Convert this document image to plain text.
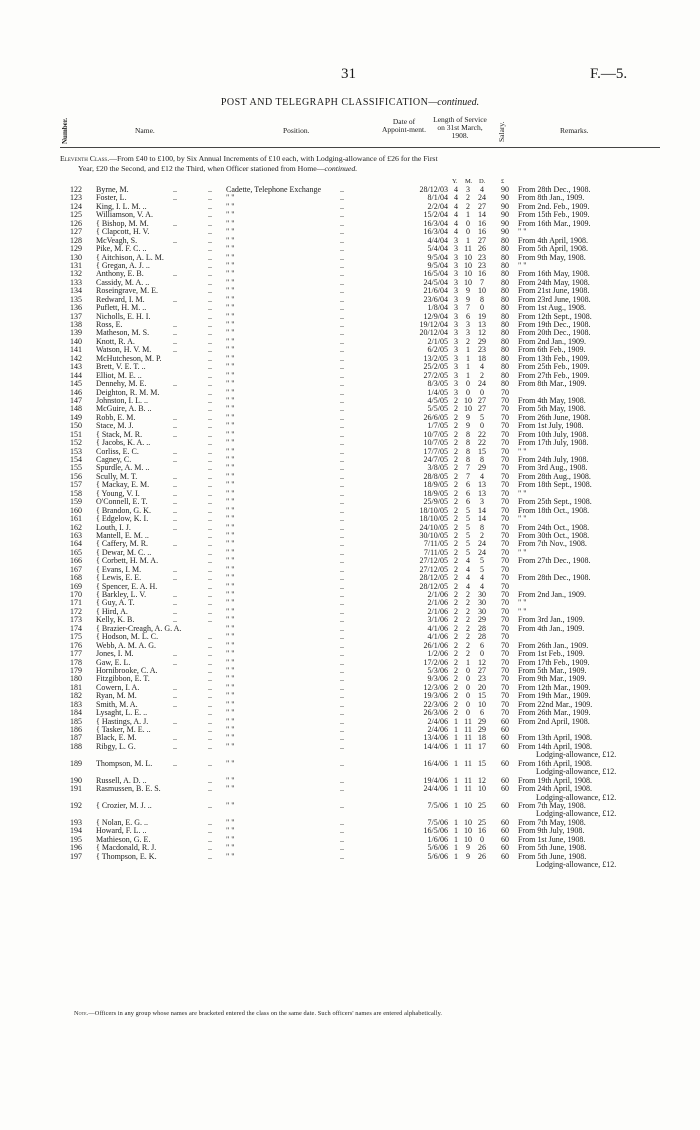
31	F.—5.
POST AND TELEGRAPH CLASSIFICATION—continued.
Number.	Name.	Position.
Date of Appoint-ment.
Length of Service on 31st March, 1908.	Salary.	Remarks.
Eleventh Class.—From £40 to £100, by Six Annual Increments of £10 each, with Lodging-allowance of £26 for the First
Year, £20 the Second, and £12 the Third, when Officer stationed from Home—continued.
Y. M. D. £
122 Byrne, M.	..	.. Cadette, Telephone Exchange ..	28/12/03 4	3	4	90 From 28th Dec., 1908.
123 Foster, L.	..	.. " "	..	8/1/04 4	2	24 90 From 8th Jan., 1909.
124 King, I. L. M. ..	.. " "	..	2/2/04 4	2	27 90 From 2nd. Feb., 1909.
125 Williamson, V. A.	.. " "	..	15/2/04 4	1	14 90 From 15th Feb., 1909.
126 { Bishop, M. M.	..	.. " "	..	16/3/04 4	0	16 90 From 16th Mar., 1909.
127 { Clapcott, H. V.	.. " "	..	16/3/04 4	0	16 90 " "
128 McVeagh, S.	..	.. " "	..	4/4/04 3	1	27 80 From 4th April, 1908.
129 Pike, M. F. C. ..	.. " "	..	5/4/04 3 11 26 80 From 5th April, 1908.
130 { Aitchison, A. L. M.	.. " "	..	9/5/04 3 10 23 80 From 9th May, 1908.
131 { Gregan, A. J. ..	.. " "	..	9/5/04 3 10 23 80 " "
132 Anthony, E. B.	..	.. " "	..	16/5/04 3 10 16 80 From 16th May, 1908.
133 Cassidy, M. A. ..	.. " "	..	24/5/04 3 10	7	80 From 24th May, 1908.
134 Roseingrave, M. E.	.. " "	..	21/6/04 3	9	10 80 From 21st June, 1908.
135 Redward, I. M.	..	.. " "	..	23/6/04 3	9	8	80 From 23rd June, 1908.
136 Puflett, H. M. ..	.. " "	..	1/8/04 3	7	0	80 From 1st Aug., 1908.
137 Nicholls, E. H. I.	.. " "	..	12/9/04 3	6	19 80 From 12th Sept., 1908.
138 Ross, E.	..	.. " "	..	19/12/04 3	3	13 80 From 19th Dec., 1908.
139 Matheson, M. S.	..	.. " "	..	20/12/04 3	3	12 80 From 20th Dec., 1908.
140 Knott, R. A.	..	.. " "	..	2/1/05 3	2	29 80 From 2nd Jan., 1909.
141 Watson, H. V. M.	..	.. " "	..	6/2/05 3	1	23 80 From 6th Feb., 1909.
142 McHutcheson, M. P.	.. " "	..	13/2/05 3	1	18 80 From 13th Feb., 1909.
143 Brett, V. E. T. ..	.. " "	..	25/2/05 3	1	4	80 From 25th Feb., 1909.
144 Elliot, M. E. ..	.. " "	..	27/2/05 3	1	2	80 From 27th Feb., 1909.
145 Dennehy, M. E.	..	.. " "	..	8/3/05 3	0	24 80 From 8th Mar., 1909.
146 Deighton, R. M. M.	.. " "	..	1/4/05 3	0	0	70
147 Johnston, I. L. ..	.. " "	..	4/5/05 2 10 27 70 From 4th May, 1908.
148 McGuire, A. B. ..	.. " "	..	5/5/05 2 10 27 70 From 5th May, 1908.
149 Robb, E. M.	..	.. " "	..	26/6/05 2	9	5	70 From 26th June, 1908.
150 Stace, M. J.	..	.. " "	..	1/7/05 2	9	0	70 From 1st July, 1908.
151 { Stack, M. R.	..	.. " "	..	10/7/05 2	8	22 70 From 10th July, 1908.
152 { Jacobs, K. A. ..	.. " "	..	10/7/05 2	8	22 70 From 17th July, 1908.
153 Corliss, E. C.	..	.. " "	..	17/7/05 2	8	15 70 " "
154 Cagney, C.	..	.. " "	..	24/7/05 2	8	8	70 From 24th July, 1908.
155 Spurdle, A. M. ..	.. " "	..	3/8/05 2	7	29 70 From 3rd Aug., 1908.
156 Scully, M. T.	..	.. " "	..	28/8/05 2	7	4	70 From 28th Aug., 1908.
157 { Mackay, E. M.	..	.. " "	..	18/9/05 2	6	13 70 From 18th Sept., 1908.
158 { Young, V. I.	..	.. " "	..	18/9/05 2	6	13 70 " "
159 O'Connell, E. T.	..	.. " "	..	25/9/05 2	6	3	70 From 25th Sept., 1908.
160 { Brandon, G. K.	..	.. " "	..	18/10/05 2	5	14 70 From 18th Oct., 1908.
161 { Edgelow, K. I.	..	.. " "	..	18/10/05 2	5	14 70 " "
162 Louth, I. J.	..	.. " "	..	24/10/05 2	5	8	70 From 24th Oct., 1908.
163 Mantell, E. M. ..	.. " "	..	30/10/05 2	5	2	70 From 30th Oct., 1908.
164 { Caffery, M. R.	..	.. " "	..	7/11/05 2	5	24 70 From 7th Nov., 1908.
165 { Dewar, M. C. ..	.. " "	..	7/11/05 2	5	24 70 " "
166 { Corbett, H. M. A.	.. " "	..	27/12/05 2	4	5	70 From 27th Dec., 1908.
167 { Evans, I. M.	..	.. " "	..	27/12/05 2	4	5	70
168 { Lewis, E. E.	..	.. " "	..	28/12/05 2	4	4	70 From 28th Dec., 1908.
169 { Spencer, E. A. H.	.. " "	..	28/12/05 2	4	4	70
170 { Barkley, L. V.	..	.. " "	..	2/1/06 2	2	30 70 From 2nd Jan., 1909.
171 { Guy, A. T.	..	.. " "	..	2/1/06 2	2	30 70 " "
172 { Hird, A.	..	.. " "	..	2/1/06 2	2	30 70 " "
173 Kelly, K. B.	..	.. " "	..	3/1/06 2	2	29 70 From 3rd Jan., 1909.
174 { Brazier-Creagh, A. G. A.	" "	..	4/1/06 2	2	28 70 From 4th Jan., 1909.
175 { Hodson, M. L. C.	.. " "	..	4/1/06 2	2	28 70
176 Webb, A. M. A. G.	.. " "	..	26/1/06 2	2	6	70 From 26th Jan., 1909.
177 Jones, I. M.	..	.. " "	..	1/2/06 2	2	0	70 From 1st Feb., 1909.
178 Gaw, E. L.	..	.. " "	..	17/2/06 2	1	12 70 From 17th Feb., 1909.
179 Hornibrooke, C. A.	.. " "	..	5/3/06 2	0	27 70 From 5th Mar., 1909.
180 Fitzgibbon, E. T.	.. " "	..	9/3/06 2	0	23 70 From 9th Mar., 1909.
181 Cowern, I. A.	..	.. " "	..	12/3/06 2	0	20 70 From 12th Mar., 1909.
182 Ryan, M. M.	..	.. " "	..	19/3/06 2	0	15 70 From 19th Mar., 1909.
183 Smith, M. A.	..	.. " "	..	22/3/06 2	0	10 70 From 22nd Mar., 1909.
184 Lysaght, L. E. ..	.. " "	..	26/3/06 2	0	6	70 From 26th Mar., 1909.
185 { Hastings, A. J.	..	.. " "	..	2/4/06 1 11 29 60 From 2nd April, 1908.
186 { Tasker, M. E. ..	.. " "	..	2/4/06 1 11 29 60
187 Black, E. M.	..	.. " "	..	13/4/06 1 11 18 60 From 13th April, 1908.
188 Ribgy, L. G.	..	.. " "	..	14/4/06 1 11 17 60 From 14th April, 1908.
Lodging-allowance, £12.
189 Thompson, M. L.	..	.. " "	..	16/4/06 1 11 15 60 From 16th April, 1908.
Lodging-allowance, £12.
190 Russell, A. D. ..	.. " "	..	19/4/06 1 11 12 60 From 19th April, 1908.
191 Rasmussen, B. E. S.	.. " "	..	24/4/06 1 11 10 60 From 24th April, 1908.
Lodging-allowance, £12.
192 { Crozier, M. J. ..	.. " "	..	7/5/06 1 10 25 60 From 7th May, 1908.
Lodging-allowance, £12.
193 { Nolan, E. G. ..	.. " "	..	7/5/06 1 10 25 60 From 7th May, 1908.
194 Howard, F. L. ..	.. " "	..	16/5/06 1 10 16 60 From 9th July, 1908.
195 Mathieson, G. E.	.. " "	..	1/6/06 1 10	0	60 From 1st June, 1908.
196 { Macdonald, R. J.	.. " "	..	5/6/06 1	9	26 60 From 5th June, 1908.
197 { Thompson, E. K.	.. " "	..	5/6/06 1	9	26 60 From 5th June, 1908.
Lodging-allowance, £12.
Note.—Officers in any group whose names are bracketed entered the class on the same date. Such officers' names are entered alphabetically.
